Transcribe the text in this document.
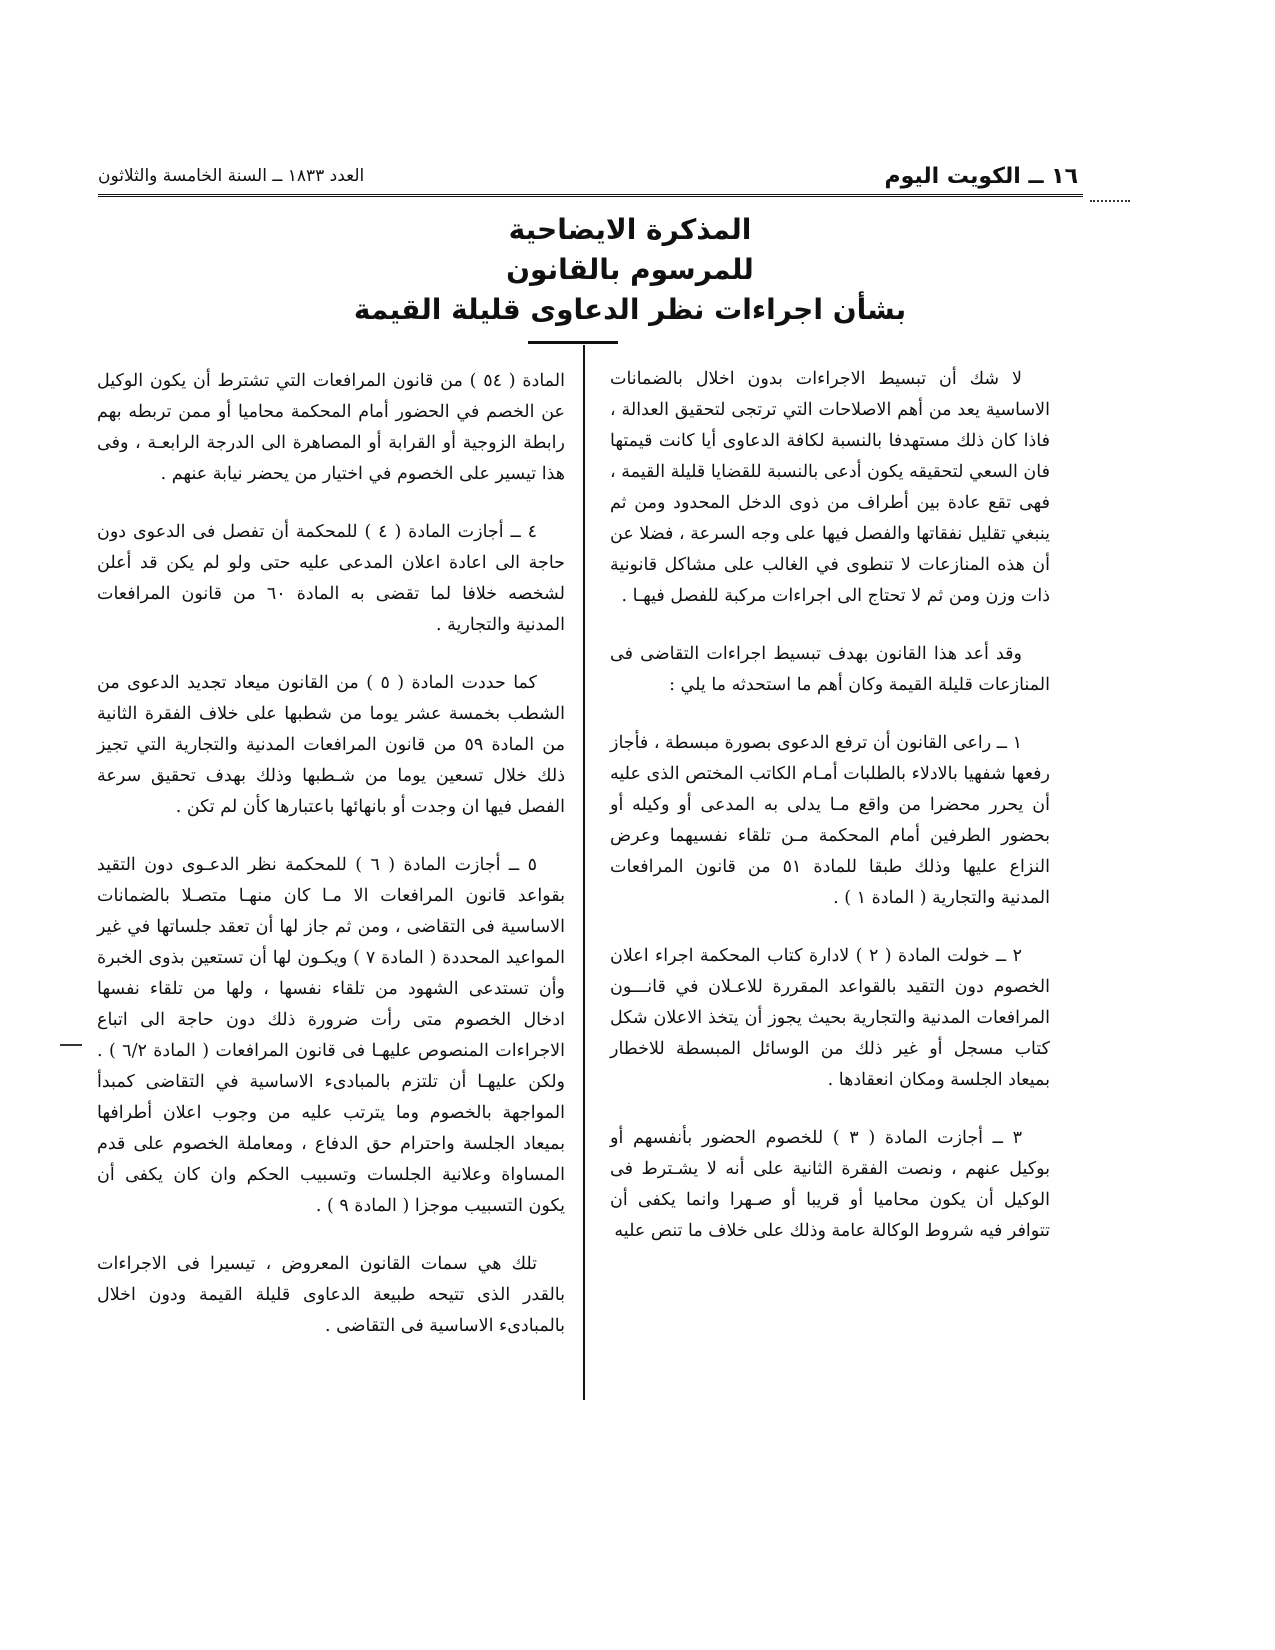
١٦ ــ الكويت اليوم
العدد ١٨٣٣ ــ السنة الخامسة والثلاثون
المذكرة الايضاحية
للمرسوم بالقانون
بشأن اجراءات نظر الدعاوى قليلة القيمة

لا شك أن تبسيط الاجراءات بدون اخلال بالضمانات الاساسية يعد من أهم الاصلاحات التي ترتجى لتحقيق العدالة ، فاذا كان ذلك مستهدفا بالنسبة لكافة الدعاوى أيا كانت قيمتها فان السعي لتحقيقه يكون أدعى بالنسبة للقضايا قليلة القيمة ، فهى تقع عادة بين أطراف من ذوى الدخل المحدود ومن ثم ينبغي تقليل نفقاتها والفصل فيها على وجه السرعة ، فضلا عن أن هذه المنازعات لا تنطوى في الغالب على مشاكل قانونية ذات وزن ومن ثم لا تحتاج الى اجراءات مركبة للفصل فيهـا .

وقد أعد هذا القانون بهدف تبسيط اجراءات التقاضى فى المنازعات قليلة القيمة وكان أهم ما استحدثه ما يلي :

١ ــ راعى القانون أن ترفع الدعوى بصورة مبسطة ، فأجاز رفعها شفهيا بالادلاء بالطلبات أمـام الكاتب المختص الذى عليه أن يحرر محضرا من واقع مـا يدلى به المدعى أو وكيله أو بحضور الطرفين أمام المحكمة مـن تلقاء نفسيهما وعرض النزاع عليها وذلك طبقا للمادة ٥١ من قانون المرافعات المدنية والتجارية ( المادة ١ ) .

٢ ــ خولت المادة ( ٢ ) لادارة كتاب المحكمة اجراء اعلان الخصوم دون التقيد بالقواعد المقررة للاعـلان في قانـــون المرافعات المدنية والتجارية بحيث يجوز أن يتخذ الاعلان شكل كتاب مسجل أو غير ذلك من الوسائل المبسطة للاخطار بميعاد الجلسة ومكان انعقادها .

٣ ــ أجازت المادة ( ٣ ) للخصوم الحضور بأنفسهم أو بوكيل عنهم ، ونصت الفقرة الثانية على أنه لا يشـترط فى الوكيل أن يكون محاميا أو قريبا أو صـهرا وانما يكفى أن تتوافر فيه شروط الوكالة عامة وذلك على خلاف ما تنص عليه

المادة ( ٥٤ ) من قانون المرافعات التي تشترط أن يكون الوكيل عن الخصم في الحضور أمام المحكمة محاميا أو ممن تربطه بهم رابطة الزوجية أو القرابة أو المصاهرة الى الدرجة الرابعـة ، وفى هذا تيسير على الخصوم في اختيار من يحضر نيابة عنهم .

٤ ــ أجازت المادة ( ٤ ) للمحكمة أن تفصل فى الدعوى دون حاجة الى اعادة اعلان المدعى عليه حتى ولو لم يكن قد أعلن لشخصه خلافا لما تقضى به المادة ٦٠ من قانون المرافعات المدنية والتجارية .

كما حددت المادة ( ٥ ) من القانون ميعاد تجديد الدعوى من الشطب بخمسة عشر يوما من شطبها على خلاف الفقرة الثانية من المادة ٥٩ من قانون المرافعات المدنية والتجارية التي تجيز ذلك خلال تسعين يوما من شـطبها وذلك بهدف تحقيق سرعة الفصل فيها ان وجدت أو بانهائها باعتبارها كأن لم تكن .

٥ ــ أجازت المادة ( ٦ ) للمحكمة نظر الدعـوى دون التقيد بقواعد قانون المرافعات الا مـا كان منهـا متصـلا بالضمانات الاساسية فى التقاضى ، ومن ثم جاز لها أن تعقد جلساتها في غير المواعيد المحددة ( المادة ٧ ) ويكـون لها أن تستعين بذوى الخبرة وأن تستدعى الشهود من تلقاء نفسها ، ولها من تلقاء نفسها ادخال الخصوم متى رأت ضرورة ذلك دون حاجة الى اتباع الاجراءات المنصوص عليهـا فى قانون المرافعات ( المادة ٦/٢ ) . ولكن عليهـا أن تلتزم بالمبادىء الاساسية في التقاضى كمبدأ المواجهة بالخصوم وما يترتب عليه من وجوب اعلان أطرافها بميعاد الجلسة واحترام حق الدفاع ، ومعاملة الخصوم على قدم المساواة وعلانية الجلسات وتسبيب الحكم وان كان يكفى أن يكون التسبيب موجزا ( المادة ٩ ) .

تلك هي سمات القانون المعروض ، تيسيرا فى الاجراءات بالقدر الذى تتيحه طبيعة الدعاوى قليلة القيمة ودون اخلال بالمبادىء الاساسية فى التقاضى .
